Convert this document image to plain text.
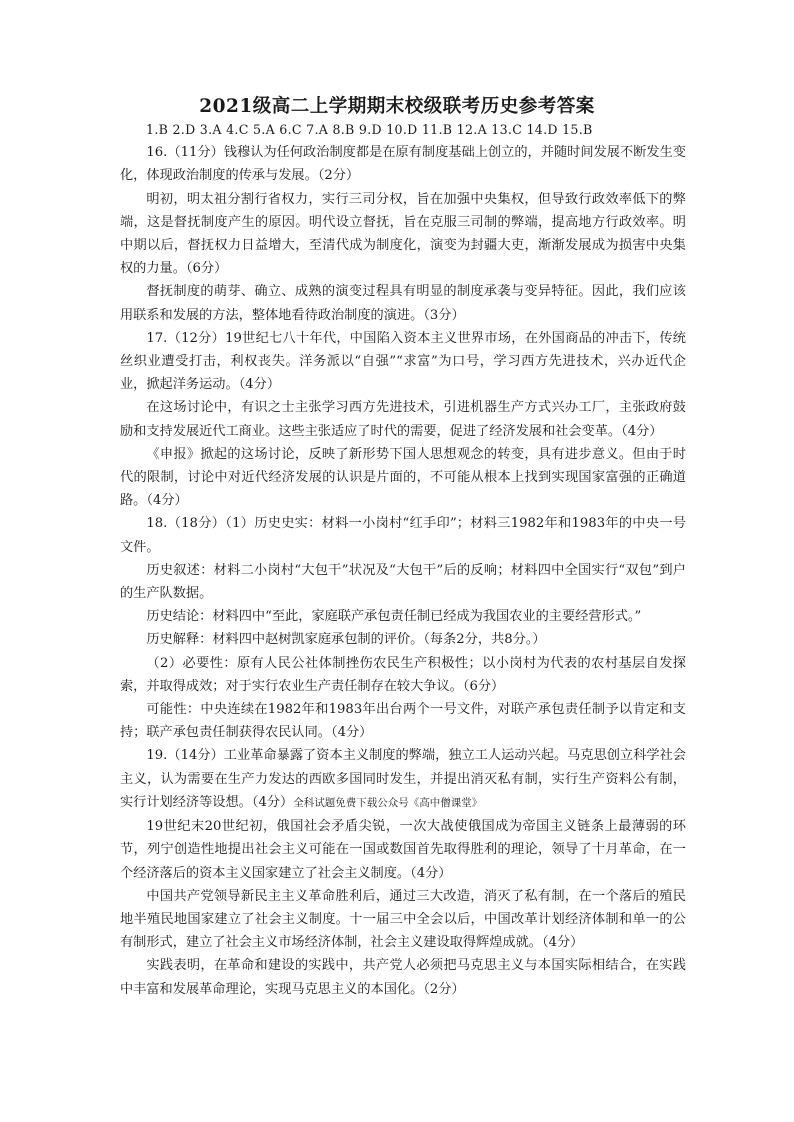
2021级高二上学期期末校级联考历史参考答案

1.B 2.D 3.A 4.C 5.A 6.C 7.A 8.B 9.D 10.D 11.B 12.A 13.C 14.D 15.B

16.（11分）钱穆认为任何政治制度都是在原有制度基础上创立的，并随时间发展不断发生变化，体现政治制度的传承与发展。（2分）

明初，明太祖分割行省权力，实行三司分权，旨在加强中央集权，但导致行政效率低下的弊端，这是督抚制度产生的原因。明代设立督抚，旨在克服三司制的弊端，提高地方行政效率。明中期以后，督抚权力日益增大，至清代成为制度化，演变为封疆大吏，渐渐发展成为损害中央集权的力量。（6分）

督抚制度的萌芽、确立、成熟的演变过程具有明显的制度承袭与变异特征。因此，我们应该用联系和发展的方法，整体地看待政治制度的演进。（3分）

17.（12分）19世纪七八十年代，中国陷入资本主义世界市场，在外国商品的冲击下，传统丝织业遭受打击，利权丧失。洋务派以“自强”“求富”为口号，学习西方先进技术，兴办近代企业，掀起洋务运动。（4分）

在这场讨论中，有识之士主张学习西方先进技术，引进机器生产方式兴办工厂，主张政府鼓励和支持发展近代工商业。这些主张适应了时代的需要，促进了经济发展和社会变革。（4分）

《申报》掀起的这场讨论，反映了新形势下国人思想观念的转变，具有进步意义。但由于时代的限制，讨论中对近代经济发展的认识是片面的，不可能从根本上找到实现国家富强的正确道路。（4分）

18.（18分）（1）历史史实：材料一小岗村“红手印”；材料三1982年和1983年的中央一号文件。

历史叙述：材料二小岗村“大包干”状况及“大包干”后的反响；材料四中全国实行“双包”到户的生产队数据。

历史结论：材料四中“至此，家庭联产承包责任制已经成为我国农业的主要经营形式。”

历史解释：材料四中赵树凯家庭承包制的评价。（每条2分，共8分。）

（2）必要性：原有人民公社体制挫伤农民生产积极性；以小岗村为代表的农村基层自发探索，并取得成效；对于实行农业生产责任制存在较大争议。（6分）

可能性：中央连续在1982年和1983年出台两个一号文件，对联产承包责任制予以肯定和支持；联产承包责任制获得农民认同。（4分）

19.（14分）工业革命暴露了资本主义制度的弊端，独立工人运动兴起。马克思创立科学社会主义，认为需要在生产力发达的西欧多国同时发生，并提出消灭私有制，实行生产资料公有制，实行计划经济等设想。（4分）全科试题免费下载公众号《高中僧课堂》

19世纪末20世纪初，俄国社会矛盾尖锐，一次大战使俄国成为帝国主义链条上最薄弱的环节，列宁创造性地提出社会主义可能在一国或数国首先取得胜利的理论，领导了十月革命，在一个经济落后的资本主义国家建立了社会主义制度。（4分）

中国共产党领导新民主主义革命胜利后，通过三大改造，消灭了私有制，在一个落后的殖民地半殖民地国家建立了社会主义制度。十一届三中全会以后，中国改革计划经济体制和单一的公有制形式，建立了社会主义市场经济体制，社会主义建设取得辉煌成就。（4分）

实践表明，在革命和建设的实践中，共产党人必须把马克思主义与本国实际相结合，在实践中丰富和发展革命理论，实现马克思主义的本国化。（2分）
